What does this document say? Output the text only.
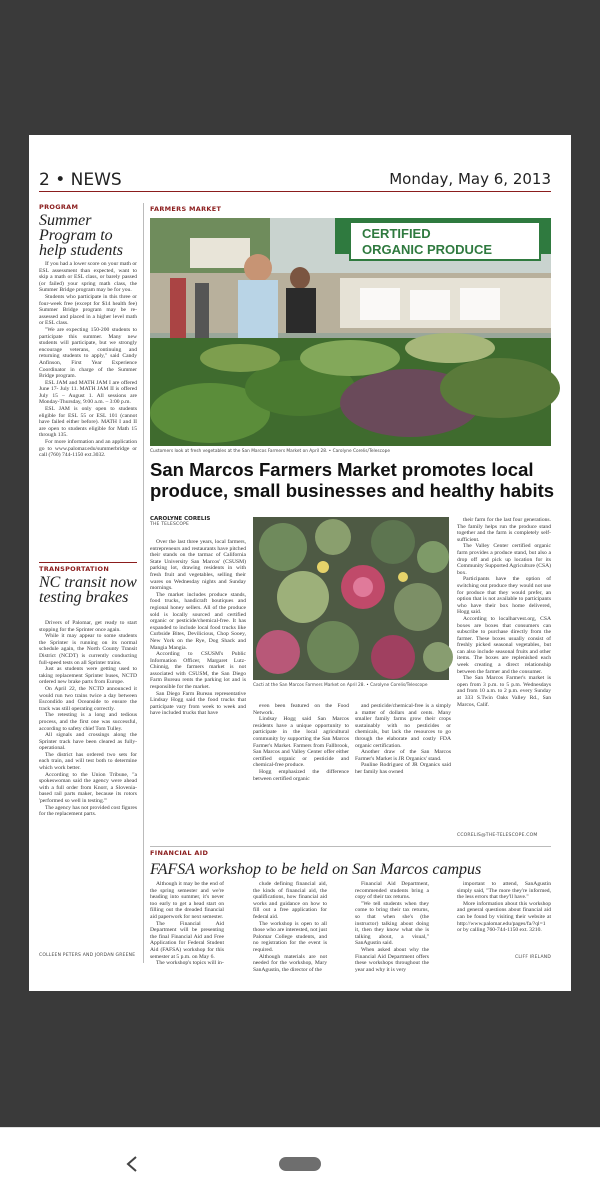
2 • NEWS	Monday, May 6, 2013
PROGRAM
Summer Program to help students

If you had a lower score on your math or ESL assessment than expected, want to skip a math or ESL class, or barely passed (or failed) your spring math class, the Summer Bridge program may be for you.

Students who participate in this three or four-week free (except for $14 health fee) Summer Bridge program may be re-assessed and placed in a higher level math or ESL class.

"We are expecting 150-200 students to participate this summer. Many new students will participate, but we strongly encourage veterans, continuing and returning students to apply," said Candy Anfinson, First Year Experience Coordinator in charge of the Summer Bridge program.

ESL JAM and MATH JAM I are offered June 17- July 11. MATH JAM II is offered July 15 – August 1. All sessions are Monday-Thursday, 9:00 a.m. – 3:00 p.m.

ESL JAM is only open to students eligible for ESL 55 or ESL 101 (cannot have failed either before). MATH I and II are open to students eligible for Math 15 through 135.

For more information and an application go to www.palomar.edu/summerbridge or call (760) 744-1150 ext.3032.

TRANSPORTATION
NC transit now testing brakes

Drivers of Palomar, get ready to start stopping for the Sprinter once again.

While it may appear to some students the Sprinter is running on its normal schedule again, the North County Transit District (NCDT) is currently conducting full-speed tests on all Sprinter trains.

Just as students were getting used to taking replacement Sprinter buses, NCTD ordered new brake parts from Europe.

On April 22, the NCTD announced it would run two trains twice a day between Escondido and Oceanside to ensure the track was still operating correctly.

The retesting is a long and tedious process, and the first one was successful, according to safety chief Tom Tulley.

All signals and crossings along the Sprinter track have been cleared as fully-operational.

The district has ordered two sets for each train, and will test both to determine which work better.

According to the Union Tribune, "a spokeswoman said the agency were ahead with a full order from Knorr, a Slovenia-based rail parts maker, because its rotors 'performed so well in testing.'"

The agency has not provided cost figures for the replacement parts.

COLLEEN PETERS AND JORDAN GREENE
FARMERS MARKET
CERTIFIED
ORGANIC PRODUCE
Customers look at fresh vegetables at the San Marcos Farmers Market on April 28. • Carolyne Corelis/Telescope
San Marcos Farmers Market promotes local produce, small businesses and healthy habits
CAROLYNE CORELIS
THE TELESCOPE

Over the last three years, local farmers, entrepreneurs and restaurants have pitched their stands on the tarmac of California State University San Marcos' (CSUSM) parking lot, drawing residents in with fresh fruit and vegetables, selling their wares on Wednesday nights and Sunday mornings.

The market includes produce stands, food trucks, handicraft boutiques and regional honey sellers. All of the produce sold is locally sourced and certified organic or pesticide/chemical-free. It has expanded to include local food trucks like Curbside Bites, Devilicious, Chop Sooey, New York on the Rye, Dog Shack and Mangia Mangia.

According to CSUSM's Public Information Officer, Margaret Lutz-Chinnig, the farmers market is not associated with CSUSM, the San Diego Farm Bureau rents the parking lot and is responsible for the market.

San Diego Farm Bureau representative Lindsay Hogg said the food trucks that participate vary from week to week and have included trucks that have

Cacti at the San Marcos Farmers Market on April 28. • Carolyne Corelis/Telescope

even been featured on the Food Network.

Lindsay Hogg said San Marcos residents have a unique opportunity to participate in the local agricultural community by supporting the San Marcos Farmer's Market. Farmers from Fallbrook, San Marcos and Valley Center offer either certified organic or pesticide and chemical-free produce.

Hogg emphasized the difference between certified organic

and pesticide/chemical-free is a simply a matter of dollars and cents. Many smaller family farms grow their crops sustainably with no pesticides or chemicals, but lack the resources to go through the elaborate and costly FDA organic certification.

Another draw of the San Marcos Farmer's Market is JR Organics' stand.

Pauline Rodriguez of JR Organics said her family has owned

their farm for the last four generations. The family helps run the produce stand together and the farm is completely self-sufficient.

The Valley Center certified organic farm provides a produce stand, but also a drop off and pick up location for its Community Supported Agriculture (CSA) box.

Participants have the option of switching out produce they would not use for produce that they would prefer, an option that is not available to participants who have their box home delivered, Hogg said.

According to localharvest.org, CSA boxes are boxes that consumers can subscribe to purchase directly from the farmer. These boxes usually consist of freshly picked seasonal vegetables, but can also include seasonal fruits and other items. The boxes are replenished each week creating a direct relationship between the farmer and the consumer.

The San Marcos Farmer's market is open from 3 p.m. to 5 p.m. Wednesdays and from 10 a.m. to 2 p.m. every Sunday at 333 S.Twin Oaks Valley Rd., San Marcos, Calif.

CCORELIS@THE-TELESCOPE.COM
FINANCIAL AID
FAFSA workshop to be held on San Marcos campus

Although it may be the end of the spring semester and we're heading into summer, it's never too early to get a head start on filling out the dreaded financial aid paperwork for next semester.

The Financial Aid Department will be presenting the final Financial Aid and Free Application for Federal Student Aid (FAFSA) workshop for this semester at 5 p.m. on May 6.

The workshop's topics will in-

clude defining financial aid, the kinds of financial aid, the qualifications, how financial aid works and guidance on how to fill out a free application for federal aid.

The workshop is open to all those who are interested, not just Palomar College students, and no registration for the event is required.

Although materials are not needed for the workshop, Mary SanAgustin, the director of the

Financial Aid Department, recommended students bring a copy of their tax returns.

"We tell students when they come to bring their tax returns, so that when she's (the instructor) talking about doing it, then they know what she is talking about, a visual," SanAgustin said.

When asked about why the Financial Aid Department offers these workshops throughout the year and why it is very

important to attend, SanAgustin simply said, "The more they're informed, the less errors that they'll have."

More information about this workshop and general questions about financial aid can be found by visiting their website at http://www.palomar.edu/pages/fa/?ql=1 or by calling 760-744-1150 ext. 3210.

CLIFF IRELAND
